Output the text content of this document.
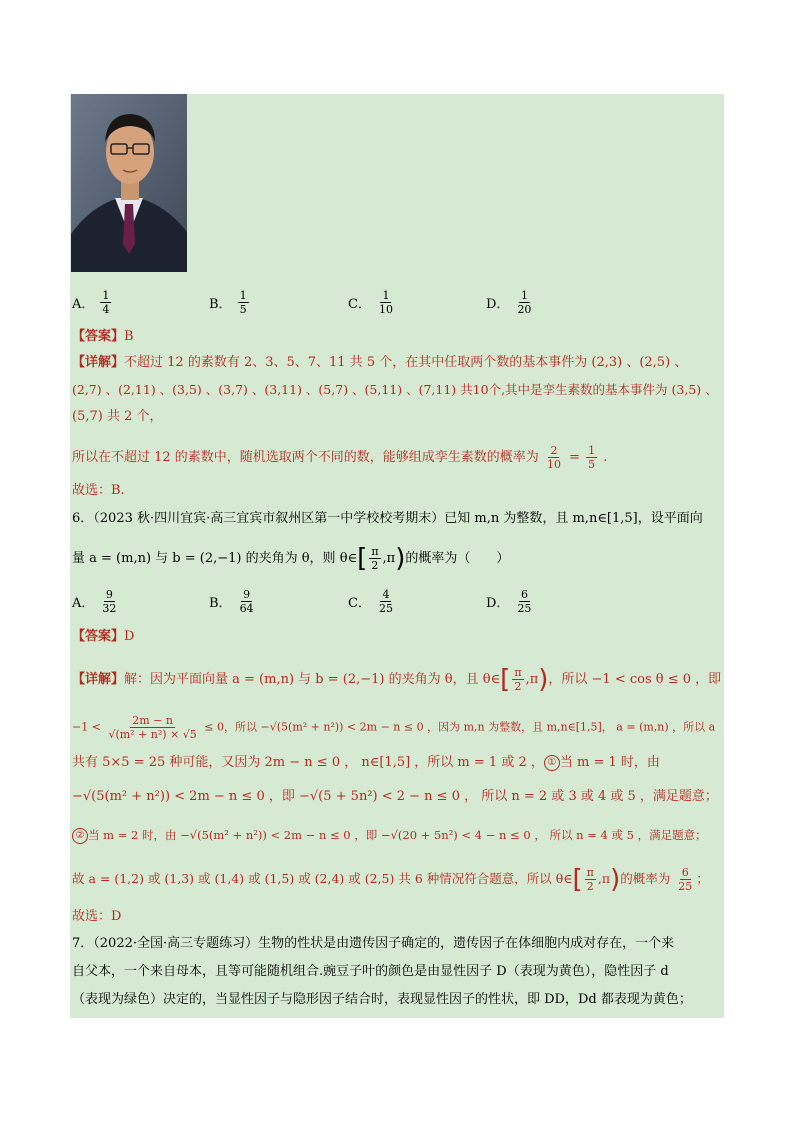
A． $\frac{1}{4}$	B． $\frac{1}{5}$	C． $\frac{1}{10}$	D． $\frac{1}{20}$
【答案】B
【详解】不超过 12 的素数有 2、3、5、7、11 共 5 个，在其中任取两个数的基本事件为 (2,3) 、(2,5) 、
(2,7) 、(2,11) 、(3,5) 、(3,7) 、(3,11) 、(5,7) 、(5,11) 、(7,11) 共10个,其中是孪生素数的基本事件为 (3,5) 、
(5,7) 共 2 个，
所以在不超过 12 的素数中，随机选取两个不同的数，能够组成孪生素数的概率为 $\frac{2}{10} = \frac{1}{5}$ .
故选：B.
6．（2023 秋·四川宜宾·高三宜宾市叙州区第一中学校校考期末）已知 m,n 为整数，且 m,n∈[1,5]，设平面向
量 a = (m,n) 与 b = (2,−1) 的夹角为 θ，则 θ∈[ $\frac{\pi}{2} ,\pi$)的概率为（　　）
A． $\frac{9}{32}$	B． $\frac{9}{64}$	C． $\frac{4}{25}$	D． $\frac{6}{25}$
【答案】D
【详解】解：因为平面向量 a = (m,n) 与 b = (2,−1) 的夹角为 θ，且 θ∈[ $\frac{\pi}{2} ,\pi$)，所以 −1 < cos θ ≤ 0 ，即
$-1 < \frac{2m - n}{\text{√(m² + n²) × √5}} \le 0$，所以 −√(5(m² + n²)) < 2m − n ≤ 0 ，因为 m,n 为整数，且 m,n∈[1,5]， a = (m,n) ，所以 a
共有 5×5 = 25 种可能，又因为 2m − n ≤ 0 ， n∈[1,5] ，所以 m = 1 或 2 ， ① 当 m = 1 时，由
−√(5(m² + n²)) < 2m − n ≤ 0 ，即 −√(5 + 5n²) < 2 − n ≤ 0 ， 所以 n = 2 或 3 或 4 或 5 ，满足题意；
② 当 m = 2 时，由 −√(5(m² + n²)) < 2m − n ≤ 0 ，即 −√(20 + 5n²) < 4 − n ≤ 0 ， 所以 n = 4 或 5 ，满足题意；
故 a = (1,2) 或 (1,3) 或 (1,4) 或 (1,5) 或 (2,4) 或 (2,5) 共 6 种情况符合题意，所以 θ∈[ $\frac{\pi}{2} ,\pi$)的概率为 $\frac{6}{25}$ ；
故选：D
7．（2022·全国·高三专题练习）生物的性状是由遗传因子确定的，遗传因子在体细胞内成对存在，一个来
自父本，一个来自母本，且等可能随机组合.豌豆子叶的颜色是由显性因子 D（表现为黄色），隐性因子 d
（表现为绿色）决定的，当显性因子与隐形因子结合时，表现显性因子的性状，即 DD，Dd 都表现为黄色；
